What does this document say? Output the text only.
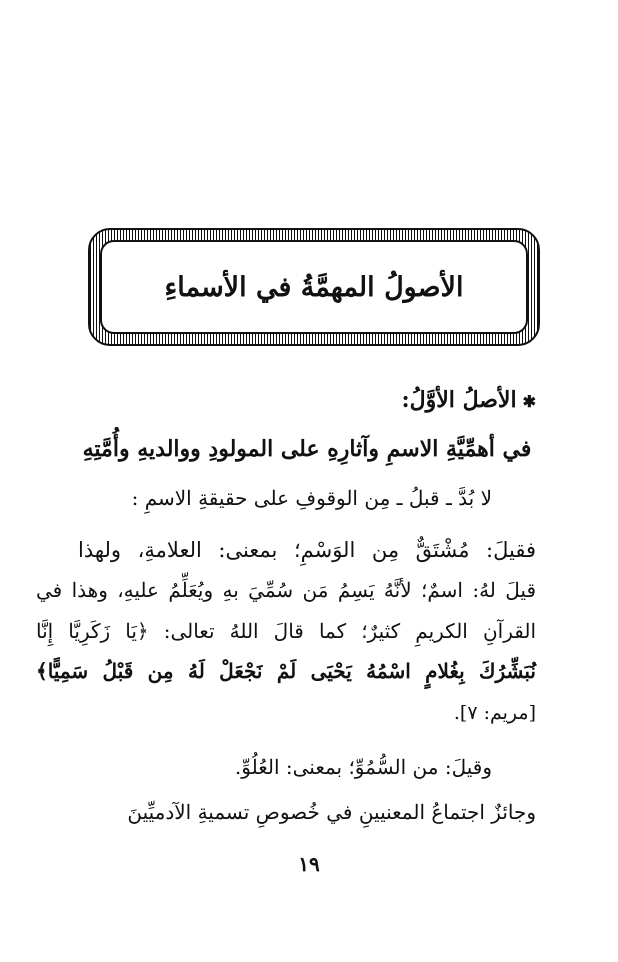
الأصولُ المهمَّةُ في الأسماءِ
✱الأصلُ الأوَّلُ:
في أهمِّيَّةِ الاسمِ وآثارِهِ على المولودِ ووالديهِ وأُمَّتِهِ
لا بُدَّ ـ قبلُ ـ مِن الوقوفِ على حقيقةِ الاسمِ :
فقيلَ: مُشْتَقٌّ مِن الوَسْمِ؛ بمعنى: العلامةِ، ولهذا
قيلَ لهُ: اسمٌ؛ لأنَّهُ يَسِمُ مَن سُمِّيَ بهِ ويُعَلِّمُ عليهِ، وهذا في
القرآنِ الكريمِ كثيرٌ؛ كما قالَ اللهُ تعالى: ﴿يَا زَكَرِيَّا إِنَّا
نُبَشِّرُكَ بِغُلامٍ اسْمُهُ يَحْيَى لَمْ نَجْعَلْ لَهُ مِن قَبْلُ سَمِيًّا﴾
[مريم: ٧].
وقيلَ: من السُّمُوِّ؛ بمعنى: العُلُوِّ.
وجائزٌ اجتماعُ المعنيينِ في خُصوصِ تسميةِ الآدميِّينَ
١٩
